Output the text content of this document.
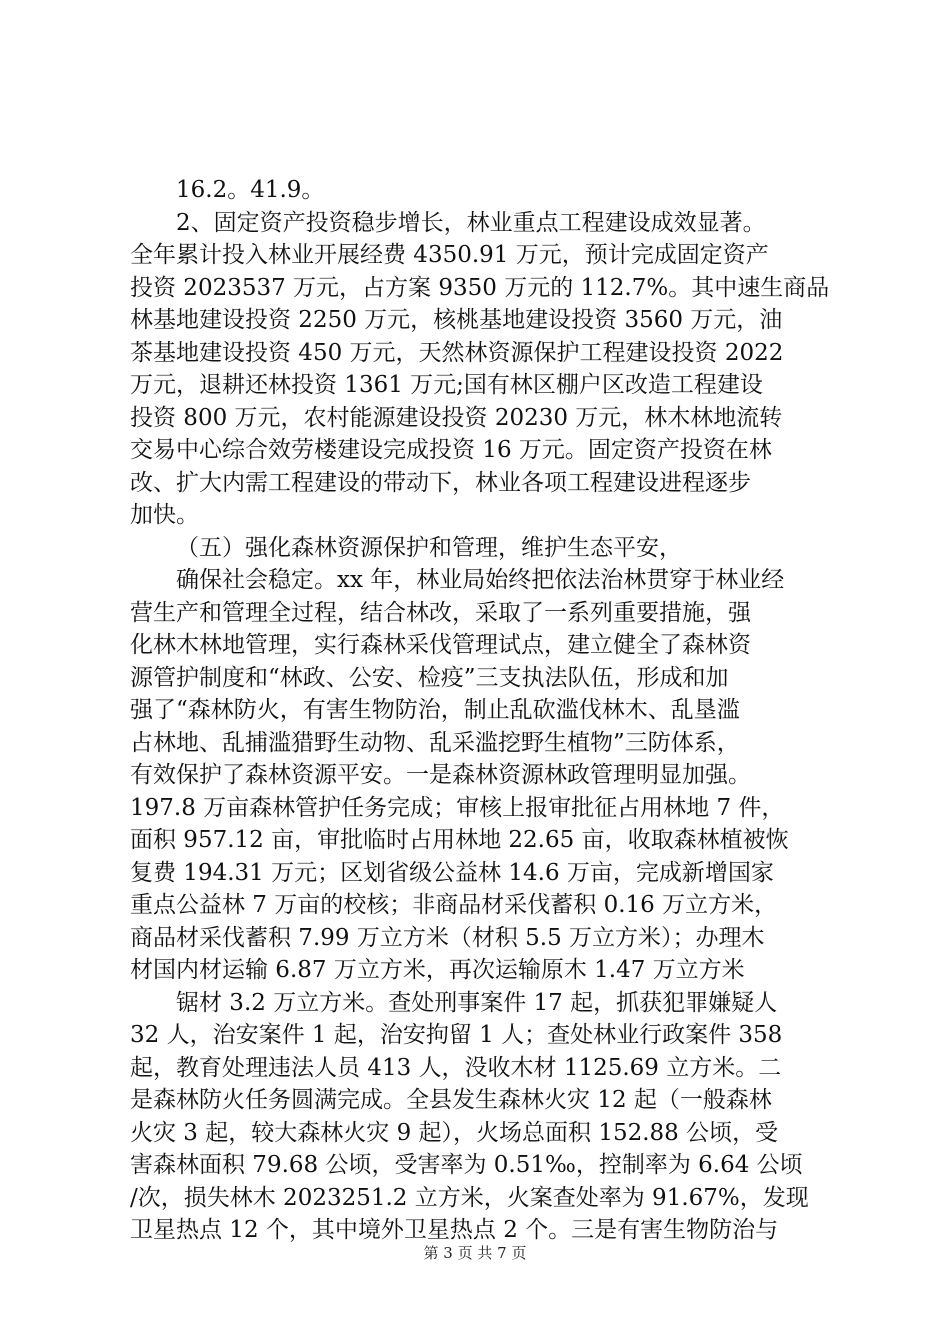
16.2。41.9。
2、固定资产投资稳步增长，林业重点工程建设成效显著。
全年累计投入林业开展经费 4350.91 万元，预计完成固定资产
投资 2023537 万元，占方案 9350 万元的 112.7%。其中速生商品
林基地建设投资 2250 万元，核桃基地建设投资 3560 万元，油
茶基地建设投资 450 万元，天然林资源保护工程建设投资 2022
万元，退耕还林投资 1361 万元;国有林区棚户区改造工程建设
投资 800 万元，农村能源建设投资 20230 万元，林木林地流转
交易中心综合效劳楼建设完成投资 16 万元。固定资产投资在林
改、扩大内需工程建设的带动下，林业各项工程建设进程逐步
加快。
（五）强化森林资源保护和管理，维护生态平安，
确保社会稳定。xx 年，林业局始终把依法治林贯穿于林业经
营生产和管理全过程，结合林改，采取了一系列重要措施，强
化林木林地管理，实行森林采伐管理试点，建立健全了森林资
源管护制度和“林政、公安、检疫”三支执法队伍，形成和加
强了“森林防火，有害生物防治，制止乱砍滥伐林木、乱垦滥
占林地、乱捕滥猎野生动物、乱采滥挖野生植物”三防体系，
有效保护了森林资源平安。一是森林资源林政管理明显加强。
197.8 万亩森林管护任务完成；审核上报审批征占用林地 7 件，
面积 957.12 亩，审批临时占用林地 22.65 亩，收取森林植被恢
复费 194.31 万元；区划省级公益林 14.6 万亩，完成新增国家
重点公益林 7 万亩的校核；非商品材采伐蓄积 0.16 万立方米，
商品材采伐蓄积 7.99 万立方米（材积 5.5 万立方米）；办理木
材国内材运输 6.87 万立方米，再次运输原木 1.47 万立方米
锯材 3.2 万立方米。查处刑事案件 17 起，抓获犯罪嫌疑人
32 人，治安案件 1 起，治安拘留 1 人；查处林业行政案件 358
起，教育处理违法人员 413 人，没收木材 1125.69 立方米。二
是森林防火任务圆满完成。全县发生森林火灾 12 起（一般森林
火灾 3 起，较大森林火灾 9 起），火场总面积 152.88 公顷，受
害森林面积 79.68 公顷，受害率为 0.51‰，控制率为 6.64 公顷
/次，损失林木 2023251.2 立方米，火案查处率为 91.67%，发现
卫星热点 12 个，其中境外卫星热点 2 个。三是有害生物防治与
第 3 页 共 7 页
